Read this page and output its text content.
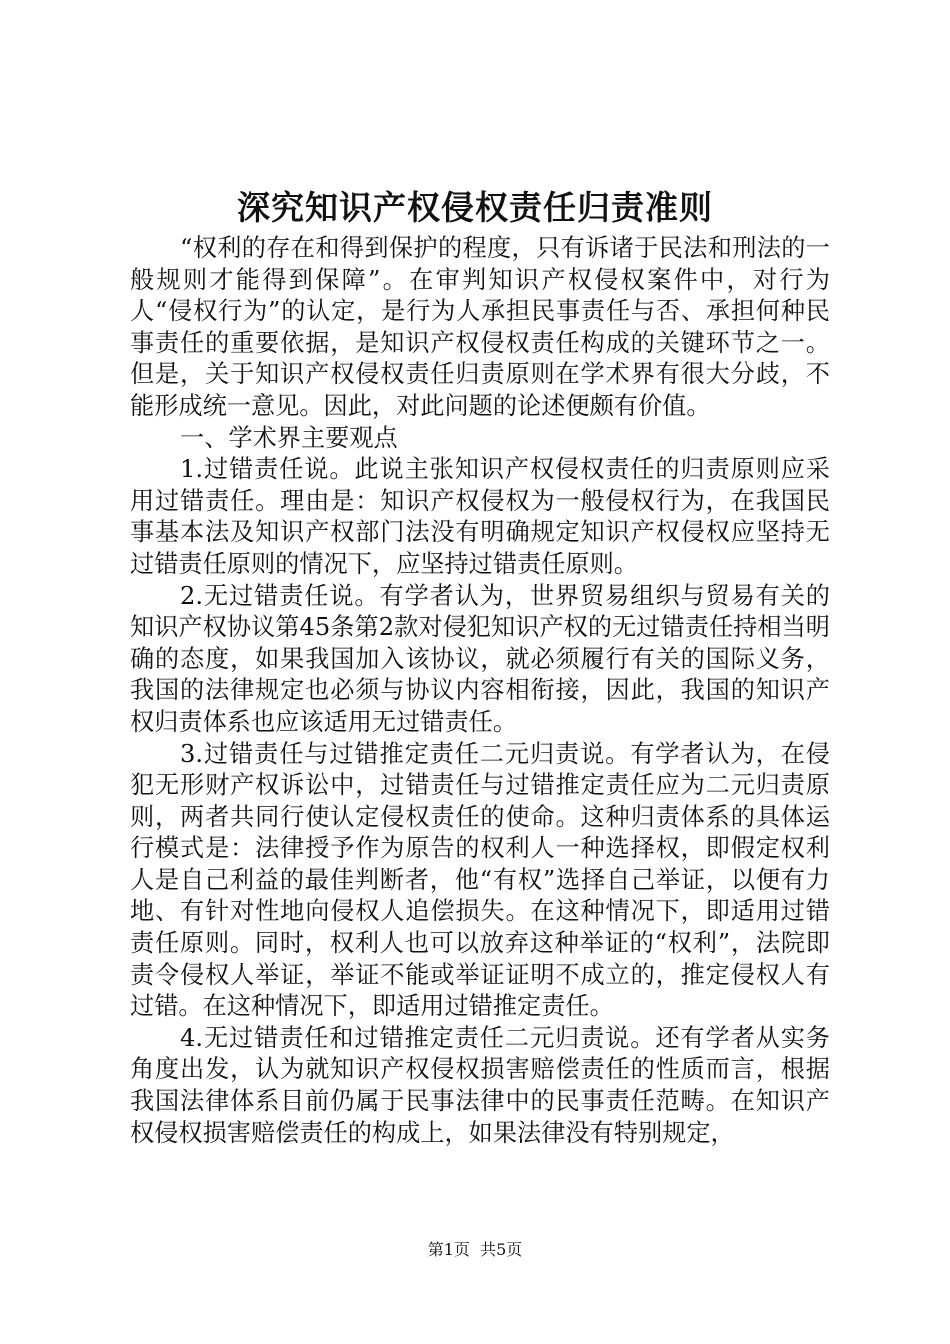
深究知识产权侵权责任归责准则

“权利的存在和得到保护的程度，只有诉诸于民法和刑法的一般规则才能得到保障”。在审判知识产权侵权案件中，对行为人“侵权行为”的认定，是行为人承担民事责任与否、承担何种民事责任的重要依据，是知识产权侵权责任构成的关键环节之一。但是，关于知识产权侵权责任归责原则在学术界有很大分歧，不能形成统一意见。因此，对此问题的论述便颇有价值。

一、学术界主要观点

1.过错责任说。此说主张知识产权侵权责任的归责原则应采用过错责任。理由是：知识产权侵权为一般侵权行为，在我国民事基本法及知识产权部门法没有明确规定知识产权侵权应坚持无过错责任原则的情况下，应坚持过错责任原则。

2.无过错责任说。有学者认为，世界贸易组织与贸易有关的知识产权协议第45条第2款对侵犯知识产权的无过错责任持相当明确的态度，如果我国加入该协议，就必须履行有关的国际义务，我国的法律规定也必须与协议内容相衔接，因此，我国的知识产权归责体系也应该适用无过错责任。

3.过错责任与过错推定责任二元归责说。有学者认为，在侵犯无形财产权诉讼中，过错责任与过错推定责任应为二元归责原则，两者共同行使认定侵权责任的使命。这种归责体系的具体运行模式是：法律授予作为原告的权利人一种选择权，即假定权利人是自己利益的最佳判断者，他“有权”选择自己举证，以便有力地、有针对性地向侵权人追偿损失。在这种情况下，即适用过错责任原则。同时，权利人也可以放弃这种举证的“权利”，法院即责令侵权人举证，举证不能或举证证明不成立的，推定侵权人有过错。在这种情况下，即适用过错推定责任。

4.无过错责任和过错推定责任二元归责说。还有学者从实务角度出发，认为就知识产权侵权损害赔偿责任的性质而言，根据我国法律体系目前仍属于民事法律中的民事责任范畴。在知识产权侵权损害赔偿责任的构成上，如果法律没有特别规定，

第1页 共5页
